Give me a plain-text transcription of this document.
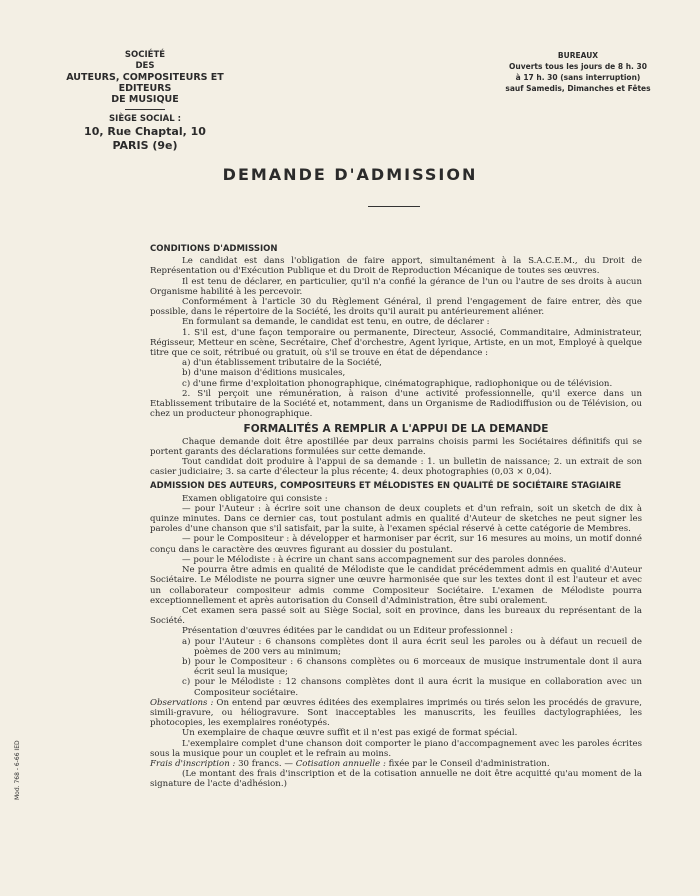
SOCIÉTÉ
DES
AUTEURS, COMPOSITEURS ET EDITEURS
DE MUSIQUE
SIÈGE SOCIAL :
10, Rue Chaptal, 10
PARIS (9e)
BUREAUX
Ouverts tous les jours de 8 h. 30
à 17 h. 30 (sans interruption)
sauf Samedis, Dimanches et Fêtes
DEMANDE D'ADMISSION
CONDITIONS D'ADMISSION

Le candidat est dans l'obligation de faire apport, simultanément à la S.A.C.E.M., du Droit de Représentation ou d'Exécution Publique et du Droit de Reproduction Mécanique de toutes ses œuvres.

Il est tenu de déclarer, en particulier, qu'il n'a confié la gérance de l'un ou l'autre de ses droits à aucun Organisme habilité à les percevoir.

Conformément à l'article 30 du Règlement Général, il prend l'engagement de faire entrer, dès que possible, dans le répertoire de la Société, les droits qu'il aurait pu antérieurement aliéner.

En formulant sa demande, le candidat est tenu, en outre, de déclarer :

1. S'il est, d'une façon temporaire ou permanente, Directeur, Associé, Commanditaire, Administrateur, Régisseur, Metteur en scène, Secrétaire, Chef d'orchestre, Agent lyrique, Artiste, en un mot, Employé à quelque titre que ce soit, rétribué ou gratuit, où s'il se trouve en état de dépendance :

a) d'un établissement tributaire de la Société,

b) d'une maison d'éditions musicales,

c) d'une firme d'exploitation phonographique, cinématographique, radiophonique ou de télévision.

2. S'il perçoit une rémunération, à raison d'une activité professionnelle, qu'il exerce dans un Etablissement tributaire de la Société et, notamment, dans un Organisme de Radiodiffusion ou de Télévision, ou chez un producteur phonographique.

FORMALITÉS A REMPLIR A L'APPUI DE LA DEMANDE

Chaque demande doit être apostillée par deux parrains choisis parmi les Sociétaires définitifs qui se portent garants des déclarations formulées sur cette demande.

Tout candidat doit produire à l'appui de sa demande : 1. un bulletin de naissance; 2. un extrait de son casier judiciaire; 3. sa carte d'électeur la plus récente; 4. deux photographies (0,03 × 0,04).

ADMISSION DES AUTEURS, COMPOSITEURS ET MÉLODISTES EN QUALITÉ DE SOCIÉTAIRE STAGIAIRE

Examen obligatoire qui consiste :

— pour l'Auteur : à écrire soit une chanson de deux couplets et d'un refrain, soit un sketch de dix à quinze minutes. Dans ce dernier cas, tout postulant admis en qualité d'Auteur de sketches ne peut signer les paroles d'une chanson que s'il satisfait, par la suite, à l'examen spécial réservé à cette catégorie de Membres.

— pour le Compositeur : à développer et harmoniser par écrit, sur 16 mesures au moins, un motif donné conçu dans le caractère des œuvres figurant au dossier du postulant.

— pour le Mélodiste : à écrire un chant sans accompagnement sur des paroles données.

Ne pourra être admis en qualité de Mélodiste que le candidat précédemment admis en qualité d'Auteur Sociétaire. Le Mélodiste ne pourra signer une œuvre harmonisée que sur les textes dont il est l'auteur et avec un collaborateur compositeur admis comme Compositeur Sociétaire. L'examen de Mélodiste pourra exceptionnellement et après autorisation du Conseil d'Administration, être subi oralement.

Cet examen sera passé soit au Siège Social, soit en province, dans les bureaux du représentant de la Société.

Présentation d'œuvres éditées par le candidat ou un Editeur professionnel :

a) pour l'Auteur : 6 chansons complètes dont il aura écrit seul les paroles ou à défaut un recueil de poèmes de 200 vers au minimum;

b) pour le Compositeur : 6 chansons complètes ou 6 morceaux de musique instrumentale dont il aura écrit seul la musique;

c) pour le Mélodiste : 12 chansons complètes dont il aura écrit la musique en collaboration avec un Compositeur sociétaire.

Observations : On entend par œuvres éditées des exemplaires imprimés ou tirés selon les procédés de gravure, simili-gravure, ou héliogravure. Sont inacceptables les manuscrits, les feuilles dactylographiées, les photocopies, les exemplaires ronéotypés.

Un exemplaire de chaque œuvre suffit et il n'est pas exigé de format spécial.

L'exemplaire complet d'une chanson doit comporter le piano d'accompagnement avec les paroles écrites sous la musique pour un couplet et le refrain au moins.

Frais d'inscription : 30 francs. — Cotisation annuelle : fixée par le Conseil d'administration.

(Le montant des frais d'inscription et de la cotisation annuelle ne doit être acquitté qu'au moment de la signature de l'acte d'adhésion.)

Mod. 768 - 6-66 IED
